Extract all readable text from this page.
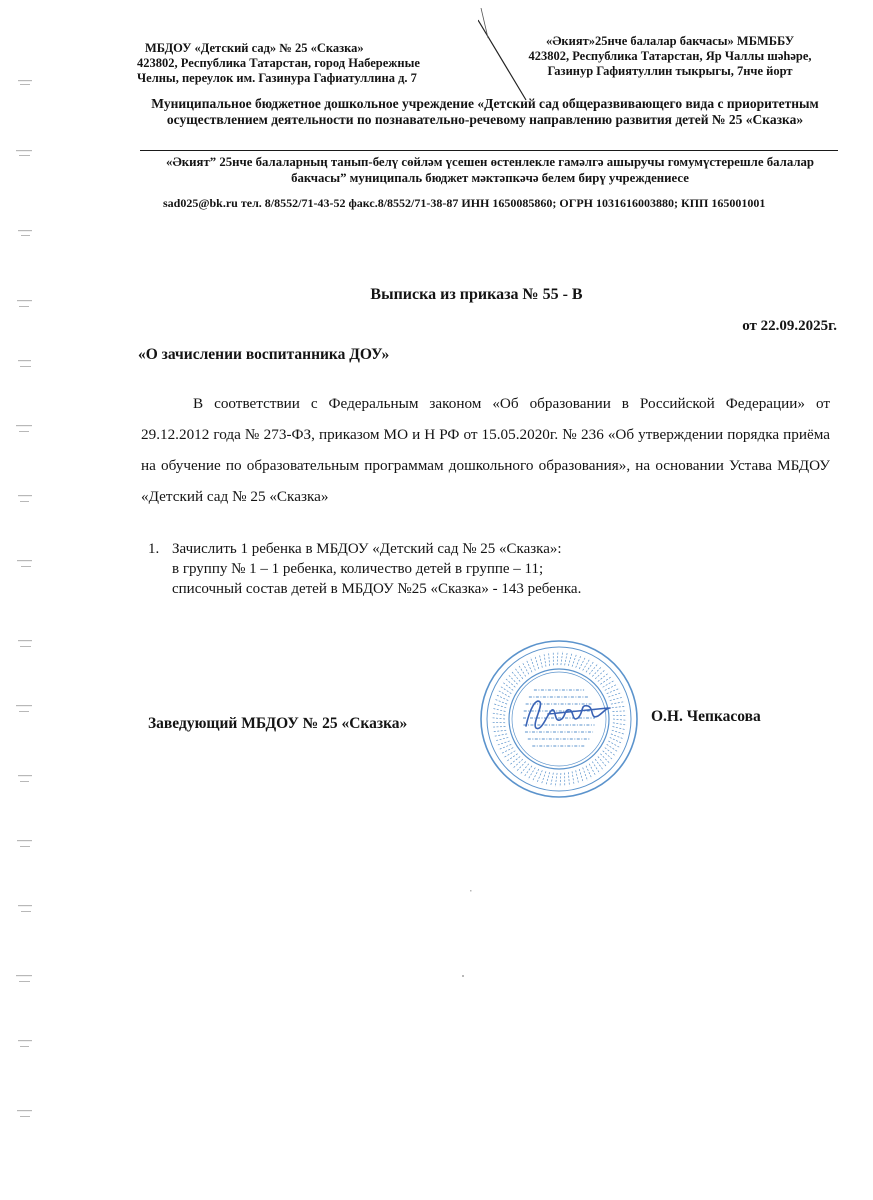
МБДОУ «Детский сад» № 25 «Сказка»
423802, Республика Татарстан, город Набережные
Челны, переулок им. Газинура Гафиатуллина д. 7
«Әкият»25нче балалар бакчасы» МБМББУ
423802, Республика Татарстан, Яр Чаллы шәһәре,
Газинур Гафиятуллин тыкрыгы, 7нче йорт
Муниципальное бюджетное дошкольное учреждение «Детский сад общеразвивающего вида с приоритетным осуществлением деятельности по познавательно-речевому направлению развития детей № 25 «Сказка»
«Әкият” 25нче балаларның танып-белү сөйләм үсешен өстенлекле гамәлгә ашыручы гомумүстерешле балалар бакчасы” муниципаль бюджет мәктәпкәчә белем бирү учреждениесе
sad025@bk.ru тел. 8/8552/71-43-52 факс.8/8552/71-38-87 ИНН 1650085860; ОГРН 1031616003880; КПП 165001001
Выписка из приказа № 55 - В
от 22.09.2025г.
«О зачислении воспитанника ДОУ»
В соответствии с Федеральным законом «Об образовании в Российской Федерации» от 29.12.2012 года № 273-ФЗ, приказом МО и Н РФ от 15.05.2020г. № 236 «Об утверждении порядка приёма на обучение по образовательным программам дошкольного образования», на основании Устава МБДОУ «Детский сад № 25 «Сказка»
1. Зачислить 1 ребенка в МБДОУ «Детский сад № 25 «Сказка»:
в группу № 1 – 1 ребенка, количество детей в группе – 11;
списочный состав детей в МБДОУ №25 «Сказка» - 143 ребенка.
Заведующий МБДОУ № 25 «Сказка»	О.Н. Чепкасова
